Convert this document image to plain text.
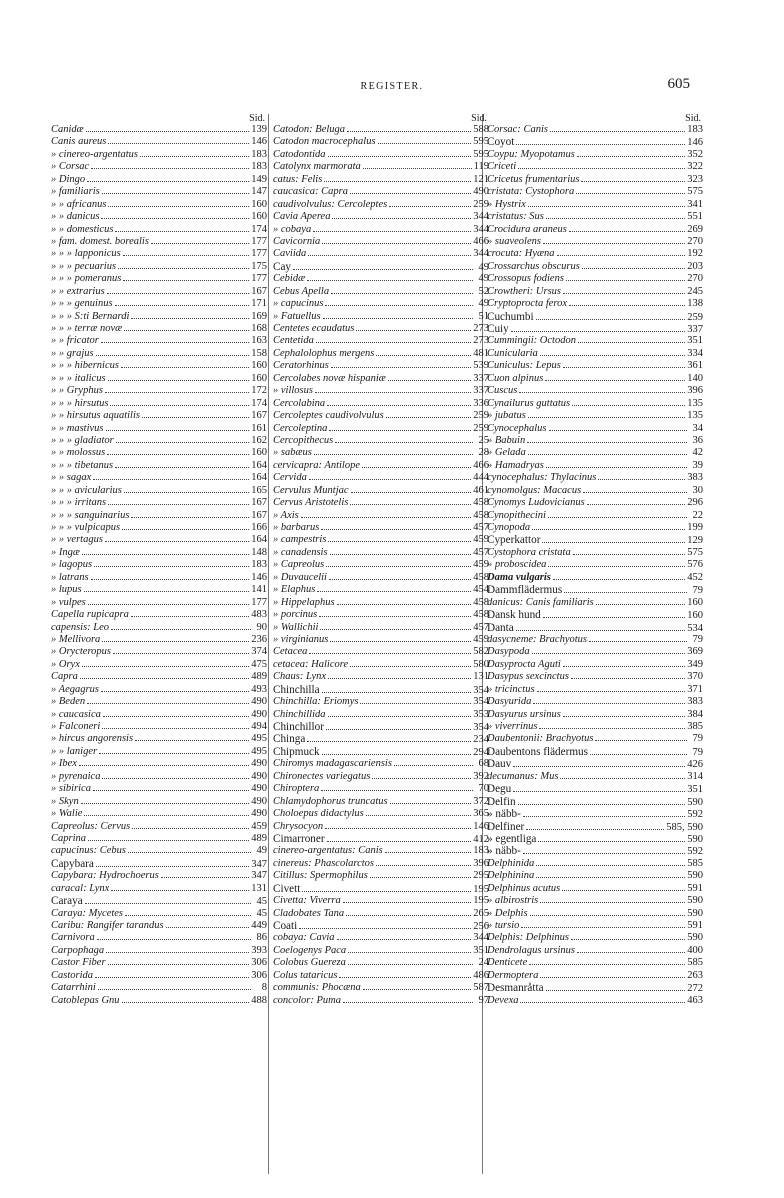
REGISTER.	605
Sid.
Canidæ	139
Canis aureus	146
» cinereo-argentatus	183
» Corsac	183
» Dingo	149
» familiaris	147
» » africanus	160
» » danicus	160
» » domesticus	174
» fam. domest. borealis	177
» » » lapponicus	177
» » » pecuarius	175
» » » pomeranus	177
» » extrarius	167
» » » genuinus	171
» » » S:ti Bernardi	169
» » » terræ novæ	168
» » fricator	163
» » grajus	158
» » » hibernicus	160
» » » italicus	160
» » Gryphus	172
» » » hirsutus	174
» » hirsutus aquatilis	167
» » mastivus	161
» » » gladiator	162
» » molossus	160
» » » tibetanus	164
» » sagax	164
» » » avicularius	165
» » » irritans	167
» » » sanguinarius	167
» » » vulpicapus	166
» » vertagus	164
» Ingæ	148
» lagopus	183
» latrans	146
» lupus	141
» vulpes	177
Capella rupicapra	483
capensis: Leo	90
» Mellivora	236
» Orycteropus	374
» Oryx	475
Capra	489
» Aegagrus	493
» Beden	490
» caucasica	490
» Falconeri	494
» hircus angorensis	495
» » laniger	495
» Ibex	490
» pyrenaica	490
» sibirica	490
» Skyn	490
» Walie	490
Capreolus: Cervus	459
Caprina	489
capucinus: Cebus	49
Capybara	347
Capybara: Hydrochoerus	347
caracal: Lynx	131
Caraya	45
Caraya: Mycetes	45
Caribu: Rangifer tarandus	449
Carnivora	86
Carpophaga	393
Castor Fiber	306
Castorida	306
Catarrhini	8
Catoblepas Gnu	488
Sid.
Catodon: Beluga	588
Catodon macrocephalus	595
Catodontida	595
Catolynx marmorata	119
catus: Felis	121
caucasica: Capra	490
caudivolvulus: Cercoleptes	259
Cavia Aperea	344
» cobaya	344
Cavicornia	466
Caviida	344
Cay	49
Cebidæ	49
Cebus Apella	52
» capucinus	49
» Fatuellus	51
Centetes ecaudatus	273
Centetida	273
Cephalolophus mergens	481
Ceratorhinus	539
Cercolabes novæ hispaniæ	337
» villosus	337
Cercolabina	336
Cercoleptes caudivolvulus	259
Cercoleptina	259
Cercopithecus	25
» sabæus	28
cervicapra: Antilope	466
Cervida	444
Cervulus Muntjac	461
Cervus Aristotelis	458
» Axis	458
» barbarus	457
» campestris	459
» canadensis	457
» Capreolus	459
» Duvaucelii	458
» Elaphus	454
» Hippelaphus	458
» porcinus	458
» Wallichii	457
» virginianus	459
Cetacea	582
cetacea: Halicore	580
Chaus: Lynx	131
Chinchilla	354
Chinchilla: Eriomys	354
Chinchillida	353
Chinchillor	354
Chinga	234
Chipmuck	294
Chiromys madagascariensis	68
Chironectes variegatus	392
Chiroptera	70
Chlamydophorus truncatus	372
Choloepus didactylus	365
Chrysocyon	146
Cimarroner	412
cinereo-argentatus: Canis	183
cinereus: Phascolarctos	396
Citillus: Spermophilus	295
Civett	195
Civetta: Viverra	195
Cladobates Tana	265
Coati	256
cobaya: Cavia	344
Coelogenys Paca	351
Colobus Guereza	24
Colus tataricus	486
communis: Phocæna	587
concolor: Puma	97
Sid.
Corsac: Canis	183
Coyot	146
Coypu: Myopotamus	352
Criceti	322
Cricetus frumentarius	323
cristata: Cystophora	575
» Hystrix	341
cristatus: Sus	551
Crocidura araneus	269
» suaveolens	270
crocuta: Hyæna	192
Crossarchus obscurus	203
Crossopus fodiens	270
Crowtheri: Ursus	245
Cryptoprocta ferox	138
Cuchumbi	259
Cuiy	337
Cummingii: Octodon	351
Cunicularia	334
Cuniculus: Lepus	361
Cuon alpinus	140
Cuscus	396
Cynailurus guttatus	135
» jubatus	135
Cynocephalus	34
» Babuin	36
» Gelada	42
» Hamadryas	39
cynocephalus: Thylacinus	383
cynomolgus: Macacus	30
Cynomys Ludovicianus	296
Cynopithecini	22
Cynopoda	199
Cyperkattor	129
Cystophora cristata	575
» proboscidea	576
Dama vulgaris	452
Dammflädermus	79
danicus: Canis familiaris	160
Dansk hund	160
Danta	534
dasycneme: Brachyotus	79
Dasypoda	369
Dasyprocta Aguti	349
Dasypus sexcinctus	370
» tricinctus	371
Dasyurida	383
Dasyurus ursinus	384
» viverrinus	385
Daubentonii: Brachyotus	79
Daubentons flädermus	79
Dauv	426
decumanus: Mus	314
Degu	351
Delfin	590
» näbb-	592
Delfiner	585, 590
» egentliga	590
» näbb-	592
Delphinida	585
Delphinina	590
Delphinus acutus	591
» albirostris	590
» Delphis	590
» tursio	591
Delphis: Delphinus	590
Dendrolagus ursinus	400
Denticete	585
Dermoptera	263
Desmanråtta	272
Devexa	463
